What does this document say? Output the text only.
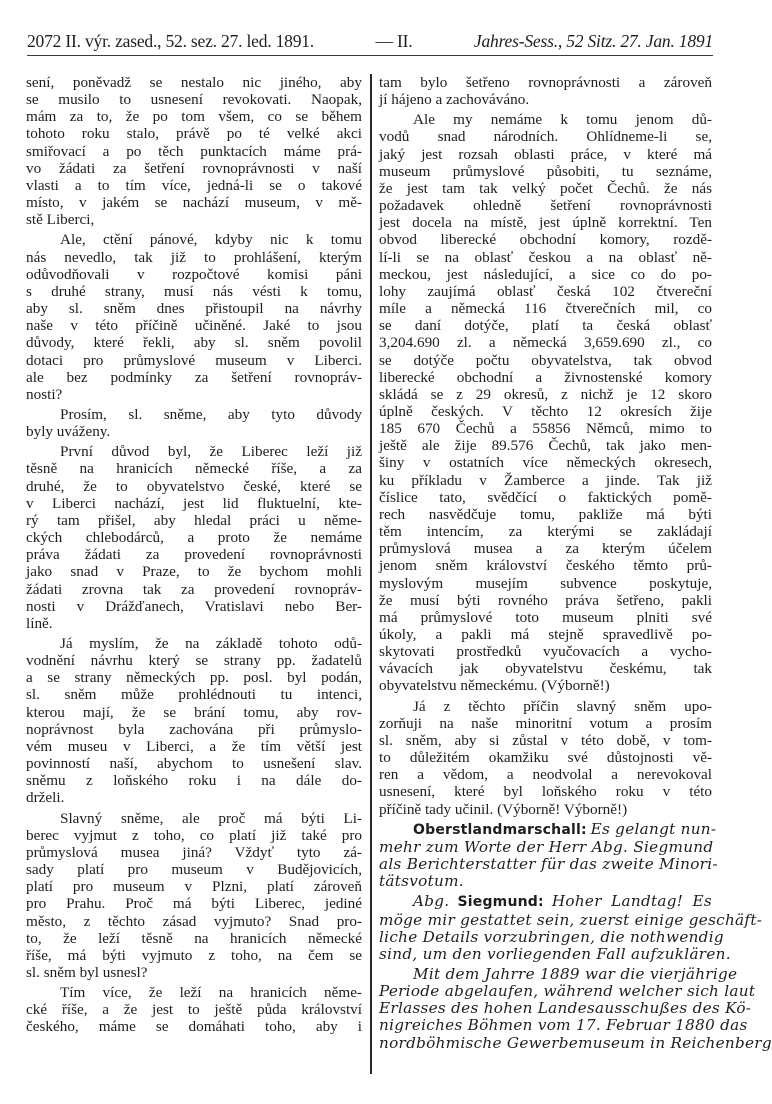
2072 II. výr. zased., 52. sez. 27. led. 1891.	— II.	Jahres-Sess., 52 Sitz. 27. Jan. 1891
sení, poněvadž se nestalo nic jiného, aby
se musilo to usnesení revokovati. Naopak,
mám za to, že po tom všem, co se během
tohoto roku stalo, právě po té velké akci
smiřovací a po těch punktacích máme prá-
vo žádati za šetření rovnoprávnosti v naší
vlasti a to tím více, jedná-li se o takové
místo, v jakém se nachází museum, v mě-
stě Liberci,
Ale, ctění pánové, kdyby nic k tomu
nás nevedlo, tak již to prohlášení, kterým
odůvodňovali v rozpočtové komisi páni
s druhé strany, musí nás vésti k tomu,
aby sl. sněm dnes přistoupil na návrhy
naše v této příčině učiněné. Jaké to jsou
důvody, které řekli, aby sl. sněm povolil
dotaci pro průmyslové museum v Liberci.
ale bez podmínky za šetření rovnopráv-
nosti?
Prosím, sl. sněme, aby tyto důvody
byly uváženy.
První důvod byl, že Liberec leží již
těsně na hranicích německé říše, a za
druhé, že to obyvatelstvo české, které se
v Liberci nachází, jest lid fluktuelní, kte-
rý tam přišel, aby hledal práci u něme-
ckých chlebodárců, a proto že nemáme
práva žádati za provedení rovnoprávnosti
jako snad v Praze, to že bychom mohli
žádati zrovna tak za provedení rovnopráv-
nosti v Drážďanech, Vratislavi nebo Ber-
líně.
Já myslím, že na základě tohoto odů-
vodnění návrhu který se strany pp. žadatelů
a se strany německých pp. posl. byl podán,
sl. sněm může prohlédnouti tu intenci,
kterou mají, že se brání tomu, aby rov-
noprávnost byla zachována při průmyslo-
vém museu v Liberci, a že tím větší jest
povinností naší, abychom to usnešení slav.
sněmu z loňského roku i na dále do-
drželi.
Slavný sněme, ale proč má býti Li-
berec vyjmut z toho, co platí již také pro
průmyslová musea jiná? Vždyť tyto zá-
sady platí pro museum v Budějovicích,
platí pro museum v Plzni, platí zároveň
pro Prahu. Proč má býti Liberec, jediné
město, z těchto zásad vyjmuto? Snad pro-
to, že leží těsně na hranicích německé
říše, má býti vyjmuto z toho, na čem se
sl. sněm byl usnesl?
Tím více, že leží na hranicích něme-
cké říše, a že jest to ještě půda království
českého, máme se domáhati toho, aby i
tam bylo šetřeno rovnoprávnosti a zároveň
jí hájeno a zachováváno.
Ale my nemáme k tomu jenom dů-
vodů snad národních. Ohlídneme-li se,
jaký jest rozsah oblasti práce, v které má
museum průmyslové působiti, tu seznáme,
že jest tam tak velký počet Čechů. že nás
požadavek ohledně šetření rovnoprávnosti
jest docela na místě, jest úplně korrektní. Ten
obvod liberecké obchodní komory, rozdě-
lí-li se na oblasť českou a na oblasť ně-
meckou, jest následující, a sice co do po-
lohy zaujímá oblasť česká 102 čtvereční
míle a německá 116 čtverečních mil, co
se daní dotýče, platí ta česká oblasť
3,204.690 zl. a německá 3,659.690 zl., co
se dotýče počtu obyvatelstva, tak obvod
liberecké obchodní a živnostenské komory
skládá se z 29 okresů, z nichž je 12 skoro
úplně českých. V těchto 12 okresích žije
185 670 Čechů a 55856 Němců, mimo to
ještě ale žije 89.576 Čechů, tak jako men-
šiny v ostatních více německých okresech,
ku příkladu v Žamberce a jinde. Tak již
číslice tato, svědčící o faktických pomě-
rech nasvědčuje tomu, pakliže má býti
těm intencím, za kterými se zakládají
průmyslová musea a za kterým účelem
jenom sněm království českého těmto prů-
myslovým musejím subvence poskytuje,
že musí býti rovného práva šetřeno, pakli
má průmyslové toto museum plniti své
úkoly, a pakli má stejně spravedlivě po-
skytovati prostředků vyučovacích a vycho-
vávacích jak obyvatelstvu českému, tak
obyvatelstvu německému. (Výborně!)
Já z těchto příčin slavný sněm upo-
zorňuji na naše minoritní votum a prosím
sl. sněm, aby si zůstal v této době, v tom-
to důležitém okamžiku své důstojnosti vě-
ren a vědom, a neodvolal a nerevokoval
usnesení, které byl loňského roku v této
příčině tady učinil. (Výborně! Výborně!)
Oberstlandmarschall: Es gelangt nun-
mehr zum Worte der Herr Abg. Siegmund
als Berichterstatter für das zweite Minori-
tätsvotum.
Abg. Siegmund: Hoher Landtag! Es
möge mir gestattet sein, zuerst einige geschäft-
liche Details vorzubringen, die nothwendig
sind, um den vorliegenden Fall aufzuklären.
Mit dem Jahrre 1889 war die vierjährige
Periode abgelaufen, während welcher sich laut
Erlasses des hohen Landesausschußes des Kö-
nigreiches Böhmen vom 17. Februar 1880 das
nordböhmische Gewerbemuseum in Reichenberg
